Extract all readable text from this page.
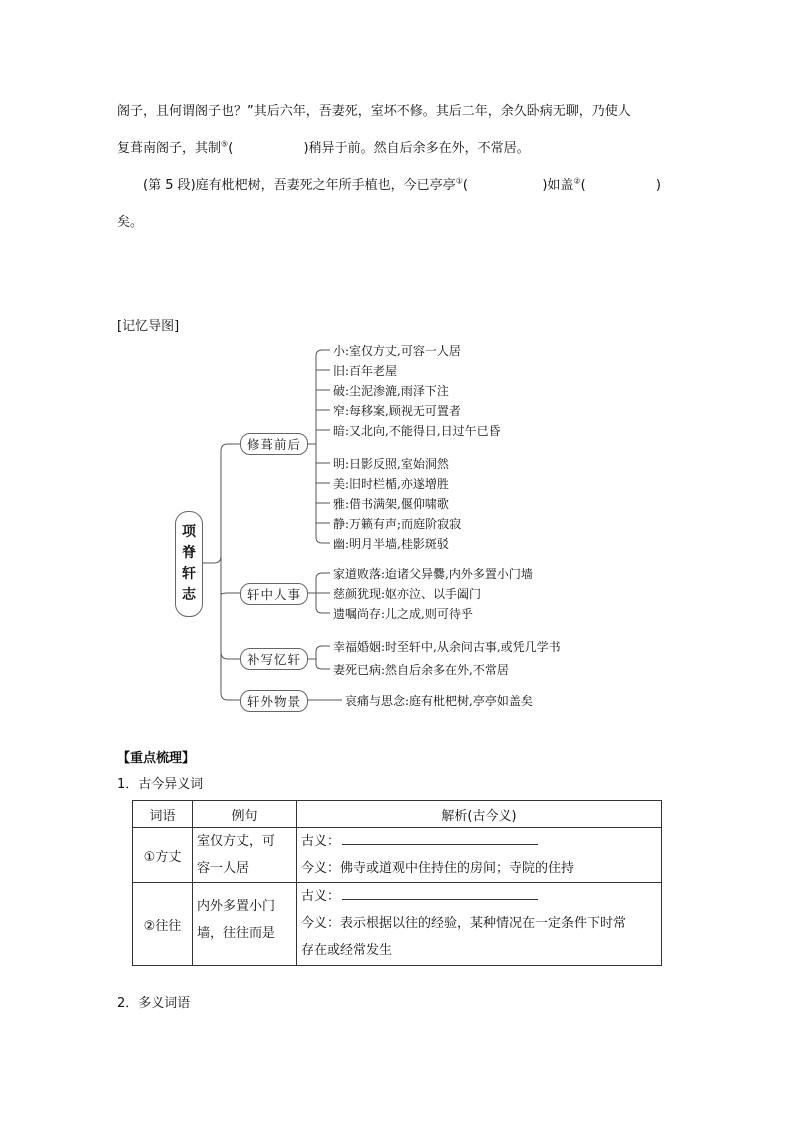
阁子，且何谓阁子也？”其后六年，吾妻死，室坏不修。其后二年，余久卧病无聊，乃使人
复葺南阁子，其制⑤(                 )稍异于前。然自后余多在外，不常居。
(第 5 段)庭有枇杷树，吾妻死之年所手植也，今已亭亭①(                  )如盖②(                 )
矣。
[记忆导图]
项
脊
轩
志
修葺前后
轩中人事
补写忆轩
轩外物景
小:室仅方丈,可容一人居
旧:百年老屋
破:尘泥渗漉,雨泽下注
窄:每移案,顾视无可置者
暗:又北向,不能得日,日过午已昏
明:日影反照,室始洞然
美:旧时栏楯,亦遂增胜
雅:借书满架,偃仰啸歌
静:万籁有声;而庭阶寂寂
幽:明月半墙,桂影斑驳
家道败落:迨诸父异爨,内外多置小门墙
慈颜犹现:妪亦泣、以手阖门
遗嘱尚存:儿之成,则可待乎
幸福婚姻:时至轩中,从余问古事,或凭几学书
妻死已病:然自后余多在外,不常居
哀痛与思念:庭有枇杷树,亭亭如盖矣
【重点梳理】
1．古今异义词
词语	例句	解析(古今义)
①方丈	室仅方丈，可
容一人居	古义：
今义：佛寺或道观中住持住的房间；寺院的住持

②往往	内外多置小门
墙，往往而是	古义：
今义：表示根据以往的经验，某种情况在一定条件下时常
存在或经常发生
2．多义词语
